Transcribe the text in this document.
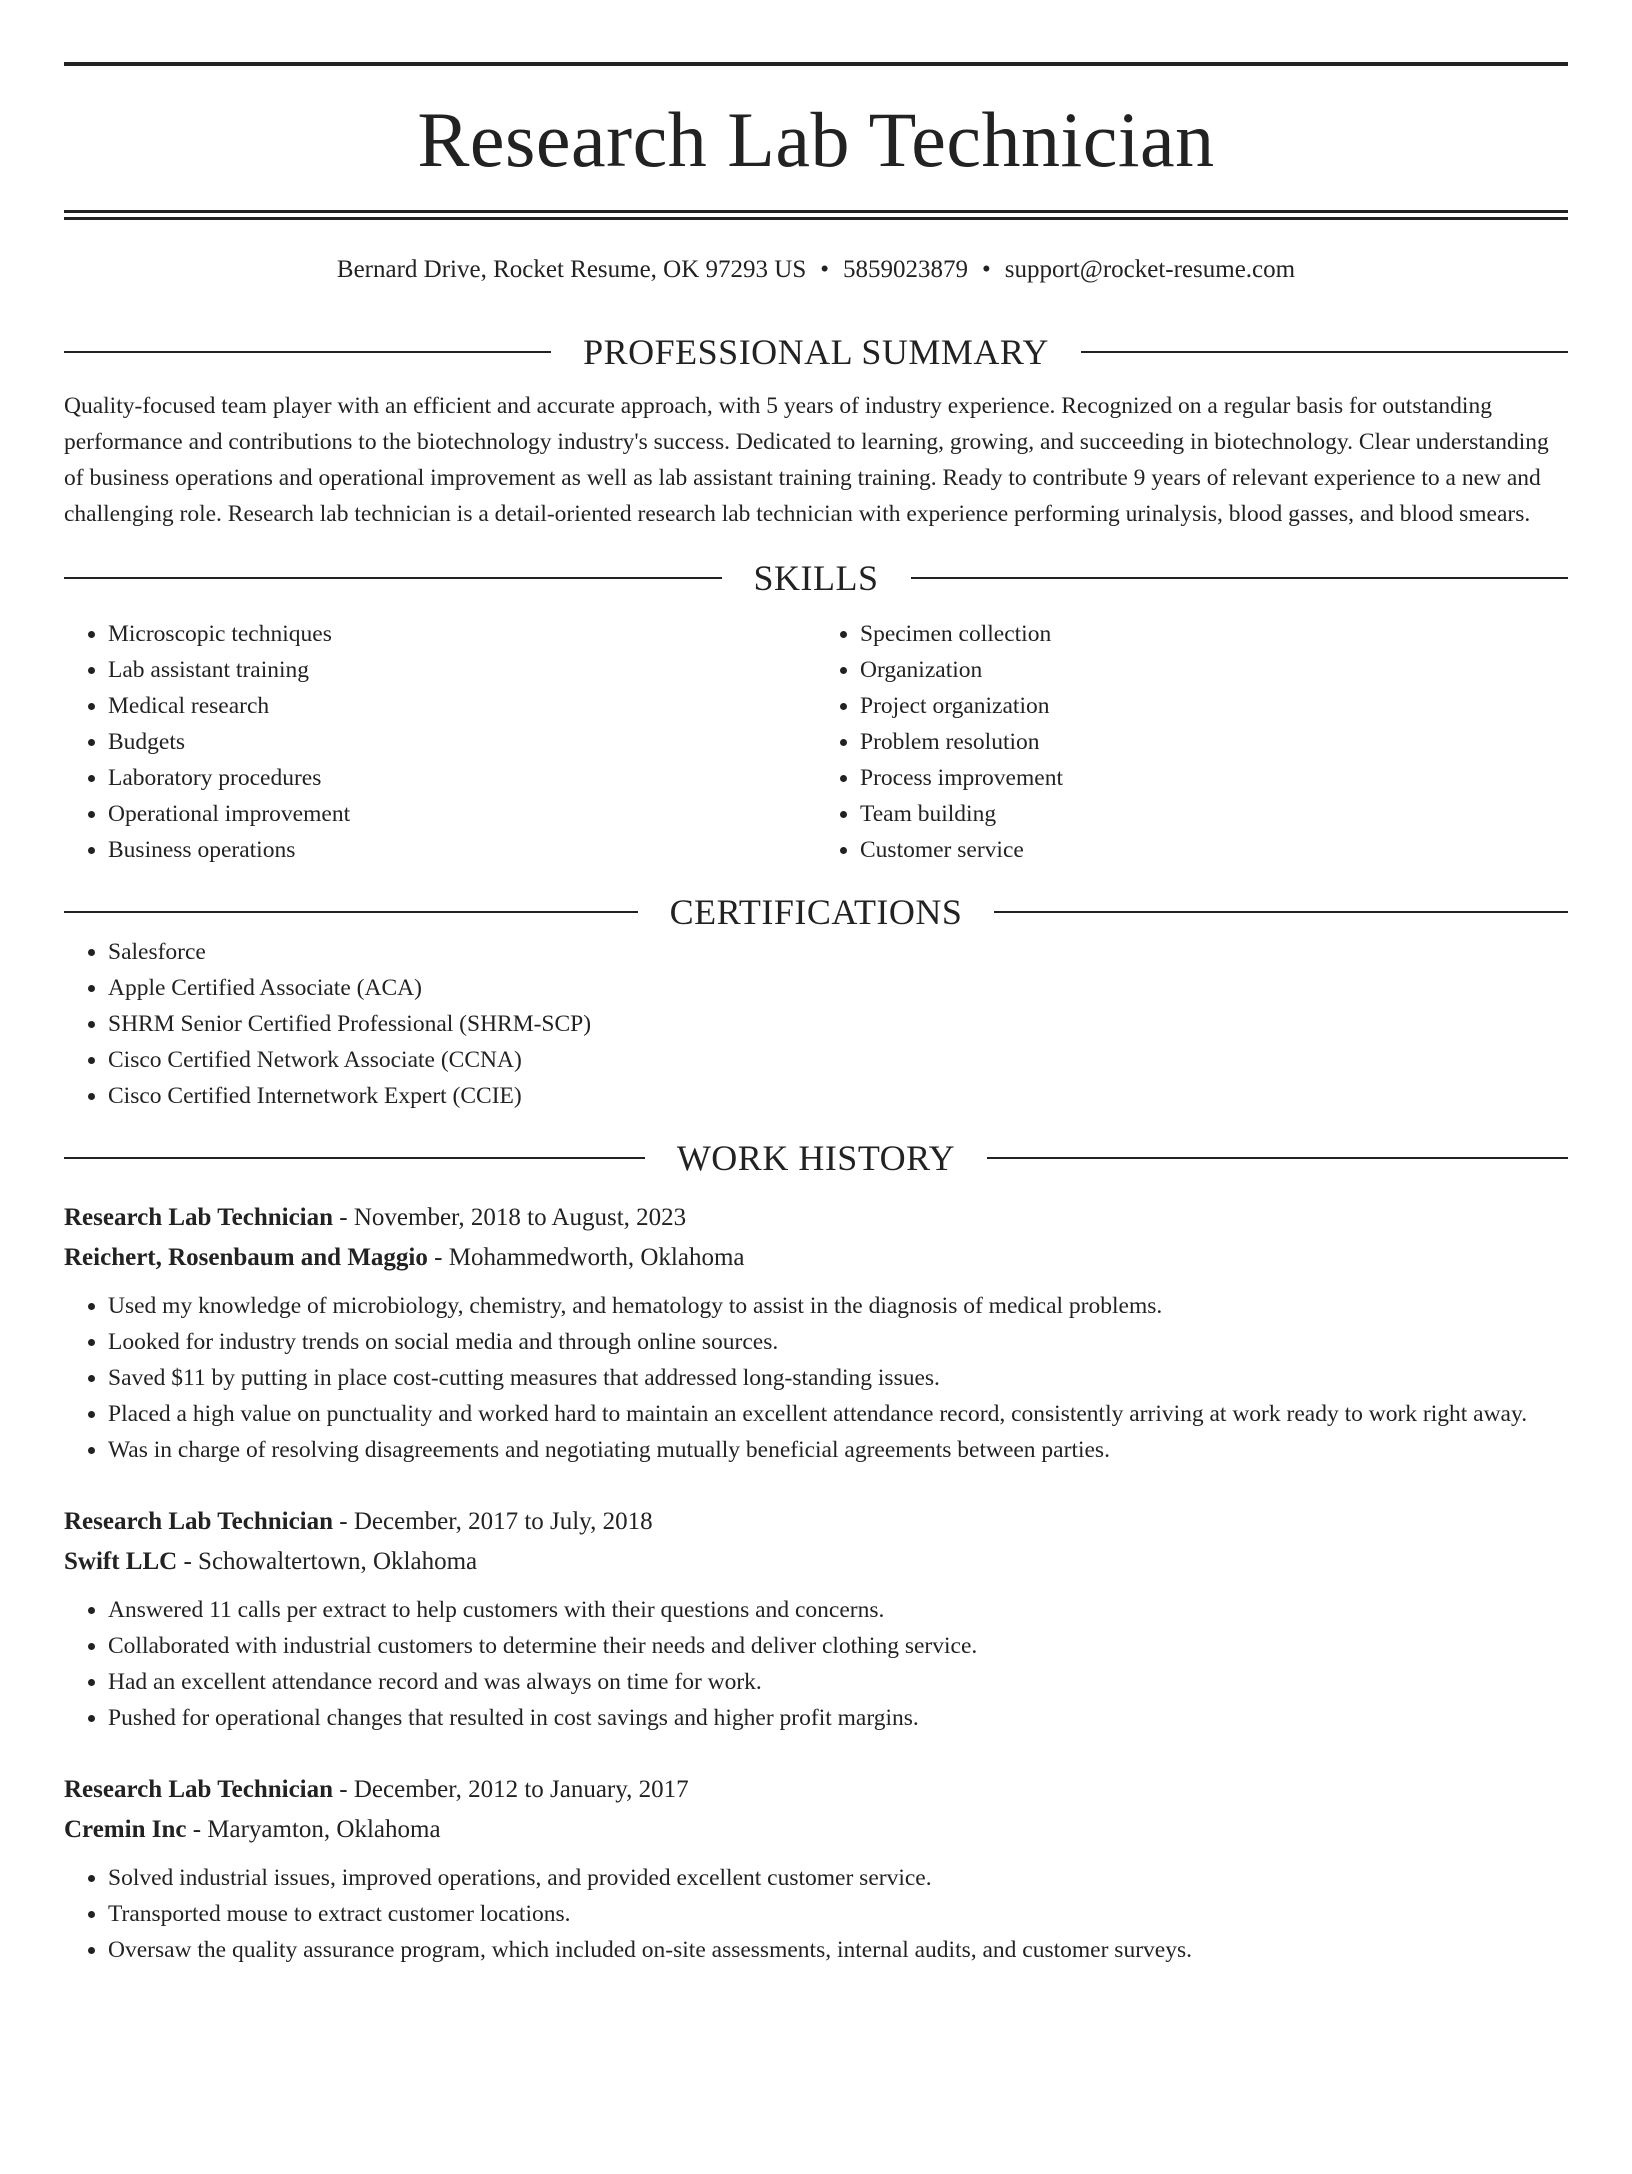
Research Lab Technician
Bernard Drive, Rocket Resume, OK 97293 US • 5859023879 • support@rocket-resume.com
PROFESSIONAL SUMMARY

Quality-focused team player with an efficient and accurate approach, with 5 years of industry experience. Recognized on a regular basis for outstanding performance and contributions to the biotechnology industry's success. Dedicated to learning, growing, and succeeding in biotechnology. Clear understanding of business operations and operational improvement as well as lab assistant training training. Ready to contribute 9 years of relevant experience to a new and challenging role. Research lab technician is a detail-oriented research lab technician with experience performing urinalysis, blood gasses, and blood smears.

SKILLS
• Microscopic techniques
• Lab assistant training
• Medical research
• Budgets
• Laboratory procedures
• Operational improvement
• Business operations
• Specimen collection
• Organization
• Project organization
• Problem resolution
• Process improvement
• Team building
• Customer service
CERTIFICATIONS
• Salesforce
• Apple Certified Associate (ACA)
• SHRM Senior Certified Professional (SHRM-SCP)
• Cisco Certified Network Associate (CCNA)
• Cisco Certified Internetwork Expert (CCIE)
WORK HISTORY
Research Lab Technician - November, 2018 to August, 2023
Reichert, Rosenbaum and Maggio - Mohammedworth, Oklahoma
• Used my knowledge of microbiology, chemistry, and hematology to assist in the diagnosis of medical problems.
• Looked for industry trends on social media and through online sources.
• Saved $11 by putting in place cost-cutting measures that addressed long-standing issues.
• Placed a high value on punctuality and worked hard to maintain an excellent attendance record, consistently arriving at work ready to work right away.
• Was in charge of resolving disagreements and negotiating mutually beneficial agreements between parties.
Research Lab Technician - December, 2017 to July, 2018
Swift LLC - Schowaltertown, Oklahoma
• Answered 11 calls per extract to help customers with their questions and concerns.
• Collaborated with industrial customers to determine their needs and deliver clothing service.
• Had an excellent attendance record and was always on time for work.
• Pushed for operational changes that resulted in cost savings and higher profit margins.
Research Lab Technician - December, 2012 to January, 2017
Cremin Inc - Maryamton, Oklahoma
• Solved industrial issues, improved operations, and provided excellent customer service.
• Transported mouse to extract customer locations.
• Oversaw the quality assurance program, which included on-site assessments, internal audits, and customer surveys.
